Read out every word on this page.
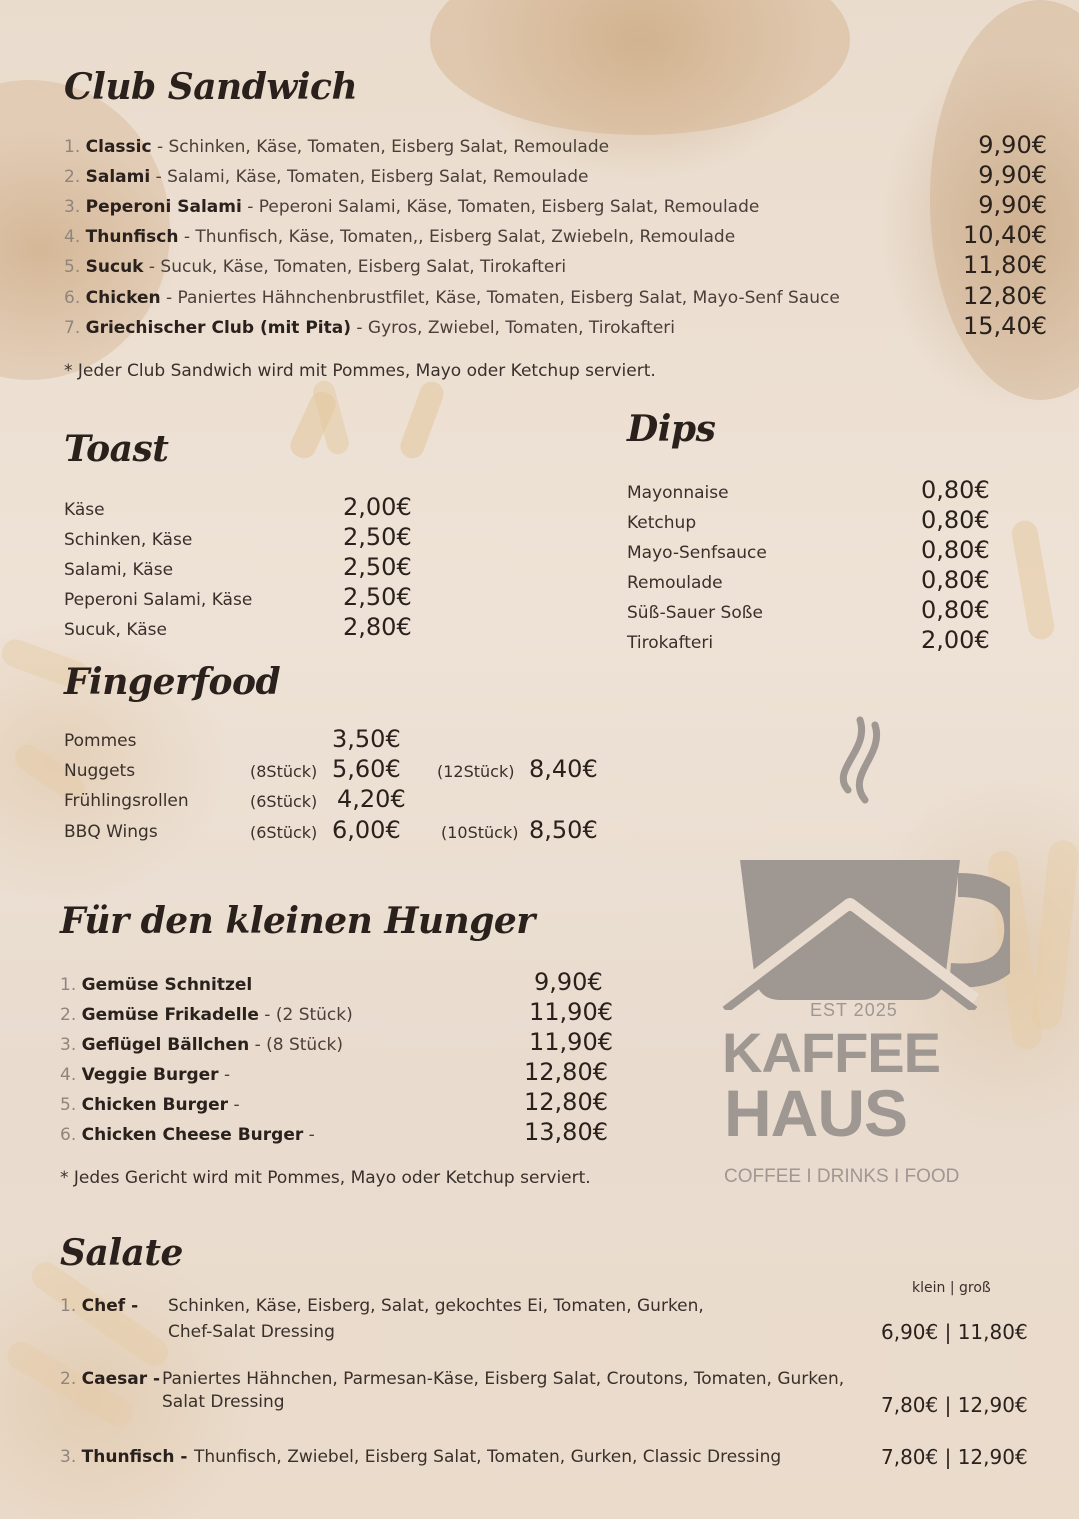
Club Sandwich
1. Classic - Schinken, Käse, Tomaten, Eisberg Salat, Remoulade	9,90€
2. Salami - Salami, Käse, Tomaten, Eisberg Salat, Remoulade	9,90€
3. Peperoni Salami - Peperoni Salami, Käse, Tomaten, Eisberg Salat, Remoulade	9,90€
4. Thunfisch - Thunfisch, Käse, Tomaten,, Eisberg Salat, Zwiebeln, Remoulade	10,40€
5. Sucuk - Sucuk, Käse, Tomaten, Eisberg Salat, Tirokafteri	11,80€
6. Chicken - Paniertes Hähnchenbrustfilet, Käse, Tomaten, Eisberg Salat, Mayo-Senf Sauce	12,80€
7. Griechischer Club (mit Pita) - Gyros, Zwiebel, Tomaten, Tirokafteri	15,40€
* Jeder Club Sandwich wird mit Pommes, Mayo oder Ketchup serviert.
Toast
Käse	2,00€
Schinken, Käse	2,50€
Salami, Käse	2,50€
Peperoni Salami, Käse	2,50€
Sucuk, Käse	2,80€
Dips
Mayonnaise	0,80€
Ketchup	0,80€
Mayo-Senfsauce	0,80€
Remoulade	0,80€
Süß-Sauer Soße	0,80€
Tirokafteri	2,00€
Fingerfood
Pommes	3,50€
Nuggets	(8Stück) 5,60€ (12Stück) 8,40€
Frühlingsrollen	(6Stück) 4,20€
BBQ Wings	(6Stück) 6,00€	(10Stück) 8,50€
Für den kleinen Hunger
1. Gemüse Schnitzel	9,90€
2. Gemüse Frikadelle - (2 Stück)	11,90€
3. Geflügel Bällchen - (8 Stück)	11,90€
4. Veggie Burger -	12,80€
5. Chicken Burger -	12,80€
6. Chicken Cheese Burger -	13,80€
* Jedes Gericht wird mit Pommes, Mayo oder Ketchup serviert.
EST 2025
KAFFEE
HAUS
COFFEE I DRINKS I FOOD
Salate
klein | groß
1. Chef - Schinken, Käse, Eisberg, Salat, gekochtes Ei, Tomaten, Gurken,
Chef-Salat Dressing	6,90€ | 11,80€
2. Caesar - Paniertes Hähnchen, Parmesan-Käse, Eisberg Salat, Croutons, Tomaten, Gurken,
Salat Dressing	7,80€ | 12,90€
3. Thunfisch - Thunfisch, Zwiebel, Eisberg Salat, Tomaten, Gurken, Classic Dressing	7,80€ | 12,90€
